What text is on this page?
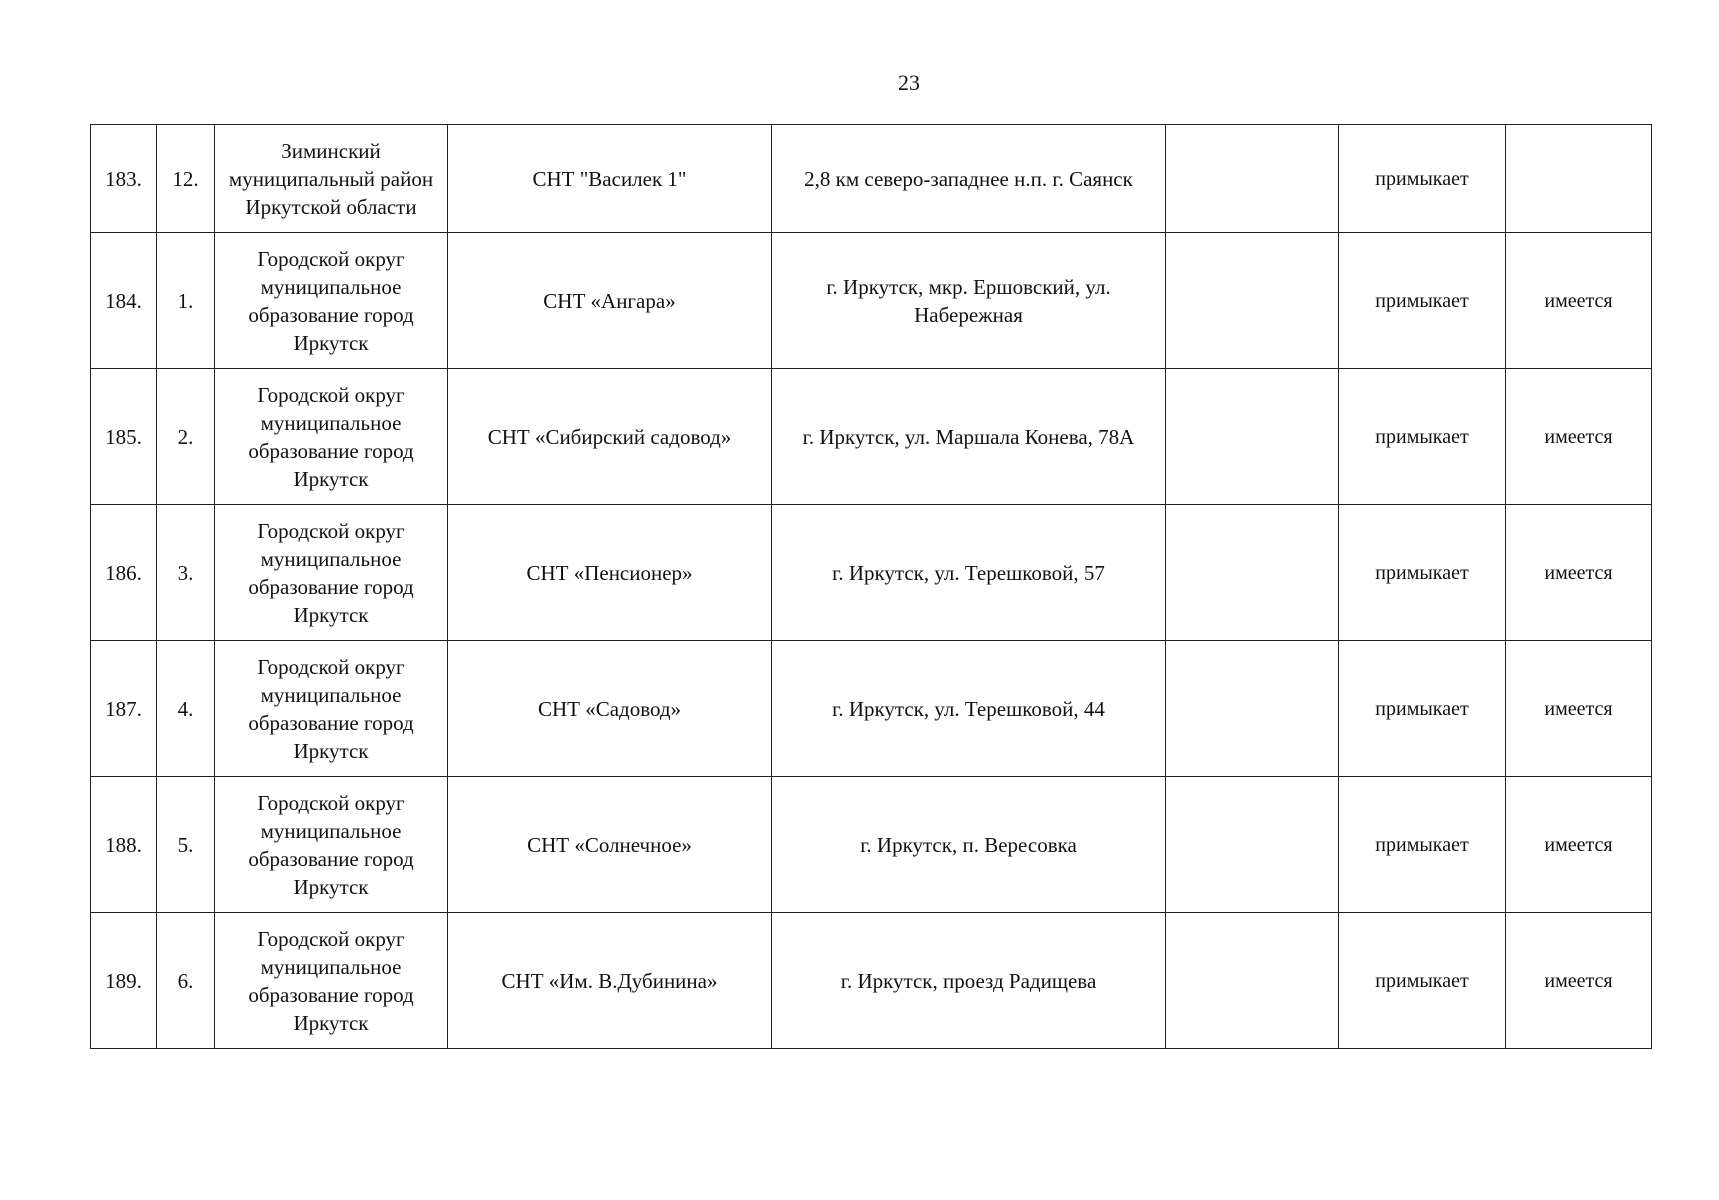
23
183.	12.	Зиминский муниципальный район Иркутской области	СНТ "Василек 1"	2,8 км северо-западнее н.п. г. Саянск		примыкает	
184.	1.	Городской округ муниципальное образование город Иркутск	СНТ «Ангара»	г. Иркутск, мкр. Ершовский, ул. Набережная		примыкает	имеется
185.	2.	Городской округ муниципальное образование город Иркутск	СНТ «Сибирский садовод»	г. Иркутск, ул. Маршала Конева, 78А		примыкает	имеется
186.	3.	Городской округ муниципальное образование город Иркутск	СНТ «Пенсионер»	г. Иркутск, ул. Терешковой, 57		примыкает	имеется
187.	4.	Городской округ муниципальное образование город Иркутск	СНТ «Садовод»	г. Иркутск, ул. Терешковой, 44		примыкает	имеется
188.	5.	Городской округ муниципальное образование город Иркутск	СНТ «Солнечное»	г. Иркутск, п. Вересовка		примыкает	имеется
189.	6.	Городской округ муниципальное образование город Иркутск	СНТ «Им. В.Дубинина»	г. Иркутск, проезд Радищева		примыкает	имеется
